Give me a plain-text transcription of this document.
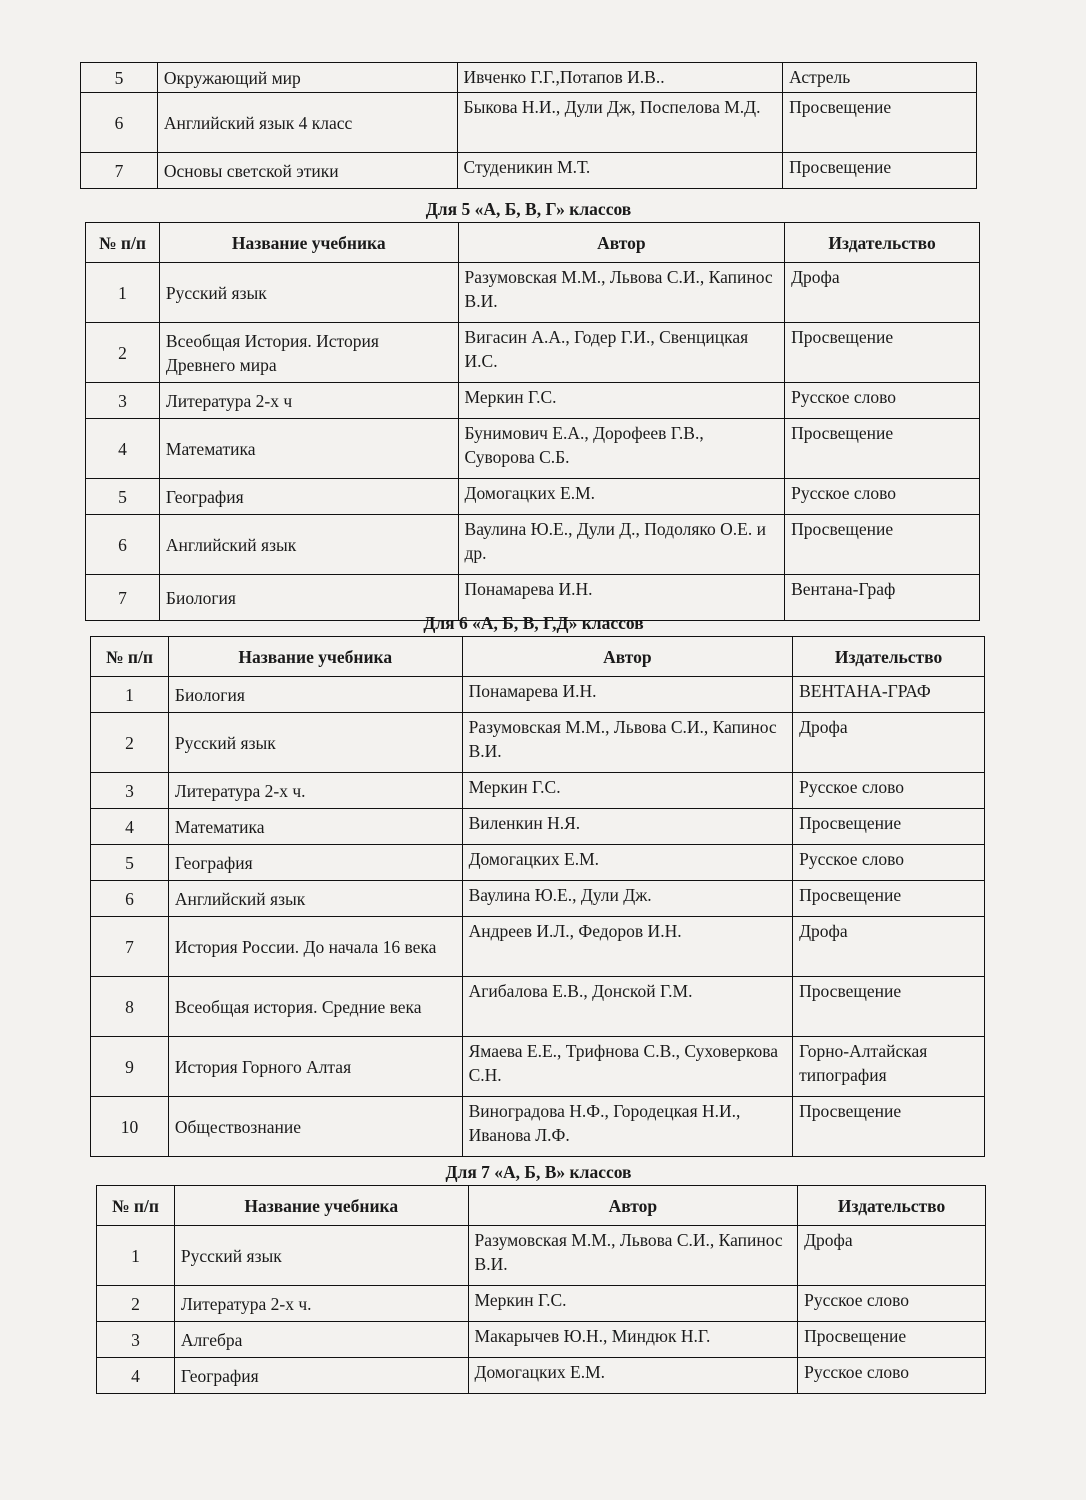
5	Окружающий мир	Ивченко Г.Г.,Потапов И.В..	Астрель
6	Английский язык 4 класс	Быкова Н.И., Дули Дж, Поспелова М.Д.	Просвещение
7	Основы светской этики	Студеникин М.Т.	Просвещение
Для 5 «А, Б, В, Г» классов
№ п/п	Название учебника	Автор	Издательство
1	Русский язык	Разумовская М.М., Львова С.И., Капинос В.И.	Дрофа
2	Всеобщая История. История Древнего мира	Вигасин А.А., Годер Г.И., Свенцицкая И.С.	Просвещение
3	Литература 2-х ч	Меркин Г.С.	Русское слово
4	Математика	Бунимович Е.А., Дорофеев Г.В., Суворова С.Б.	Просвещение
5	География	Домогацких Е.М.	Русское слово
6	Английский язык	Ваулина Ю.Е., Дули Д., Подоляко О.Е. и др.	Просвещение
7	Биология	Понамарева И.Н.	Вентана-Граф
Для 6 «А, Б, В, Г,Д» классов
№ п/п	Название учебника	Автор	Издательство
1	Биология	Понамарева И.Н.	ВЕНТАНА-ГРАФ
2	Русский язык	Разумовская М.М., Львова С.И., Капинос В.И.	Дрофа
3	Литература 2-х ч.	Меркин Г.С.	Русское слово
4	Математика	Виленкин Н.Я.	Просвещение
5	География	Домогацких Е.М.	Русское слово
6	Английский язык	Ваулина Ю.Е., Дули Дж.	Просвещение
7	История России. До начала 16 века	Андреев И.Л., Федоров И.Н.	Дрофа
8	Всеобщая история. Средние века	Агибалова Е.В., Донской Г.М.	Просвещение
9	История Горного Алтая	Ямаева Е.Е., Трифнова С.В., Суховеркова С.Н.	Горно-Алтайская типография
10	Обществознание	Виноградова Н.Ф., Городецкая Н.И., Иванова Л.Ф.	Просвещение
Для 7 «А, Б, В» классов
№ п/п	Название учебника	Автор	Издательство
1	Русский язык	Разумовская М.М., Львова С.И., Капинос В.И.	Дрофа
2	Литература 2-х ч.	Меркин Г.С.	Русское слово
3	Алгебра	Макарычев Ю.Н., Миндюк Н.Г.	Просвещение
4	География	Домогацких Е.М.	Русское слово
